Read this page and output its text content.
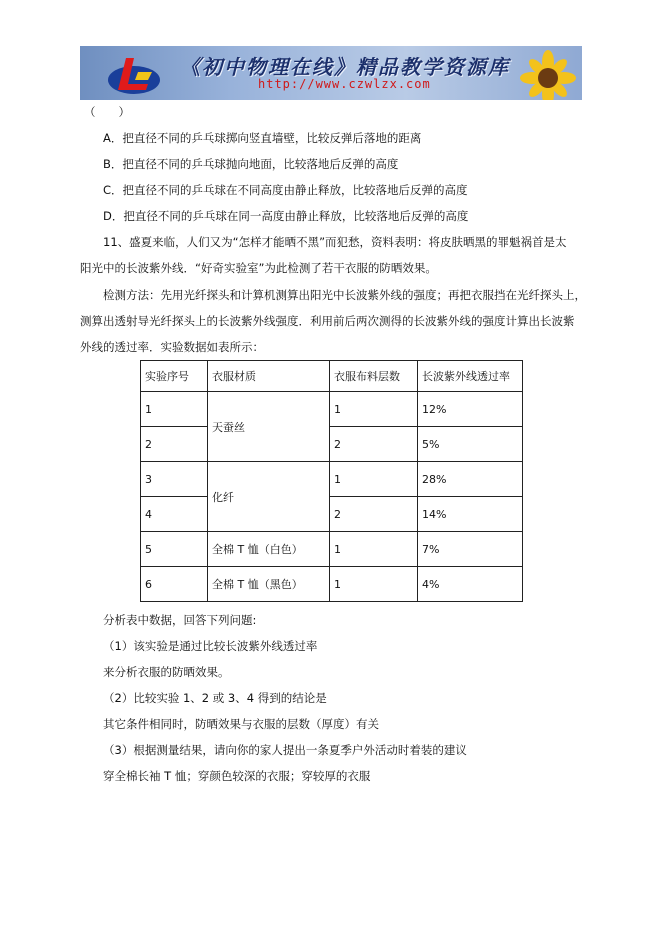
《初中物理在线》精品教学资源库
http://www.czwlzx.com
（　　）
A．把直径不同的乒乓球掷向竖直墙壁，比较反弹后落地的距离
B．把直径不同的乒乓球抛向地面，比较落地后反弹的高度
C．把直径不同的乒乓球在不同高度由静止释放，比较落地后反弹的高度
D．把直径不同的乒乓球在同一高度由静止释放，比较落地后反弹的高度
11、盛夏来临，人们又为“怎样才能晒不黑”而犯愁，资料表明：将皮肤晒黑的罪魁祸首是太
阳光中的长波紫外线．“好奇实验室”为此检测了若干衣服的防晒效果。
检测方法：先用光纤探头和计算机测算出阳光中长波紫外线的强度；再把衣服挡在光纤探头上，
测算出透射导光纤探头上的长波紫外线强度．利用前后两次测得的长波紫外线的强度计算出长波紫
外线的透过率．实验数据如表所示：
实验序号	衣服材质	衣服布料层数	长波紫外线透过率
1	天蚕丝	1	12%
2		2	5%
3	化纤	1	28%
4		2	14%
5	全棉 T 恤（白色）	1	7%
6	全棉 T 恤（黑色）	1	4%
分析表中数据，回答下列问题:
（1）该实验是通过比较长波紫外线透过率
来分析衣服的防晒效果。
（2）比较实验 1、2 或 3、4 得到的结论是
其它条件相同时，防晒效果与衣服的层数（厚度）有关
（3）根据测量结果，请向你的家人提出一条夏季户外活动时着装的建议
穿全棉长袖 T 恤；穿颜色较深的衣服；穿较厚的衣服
